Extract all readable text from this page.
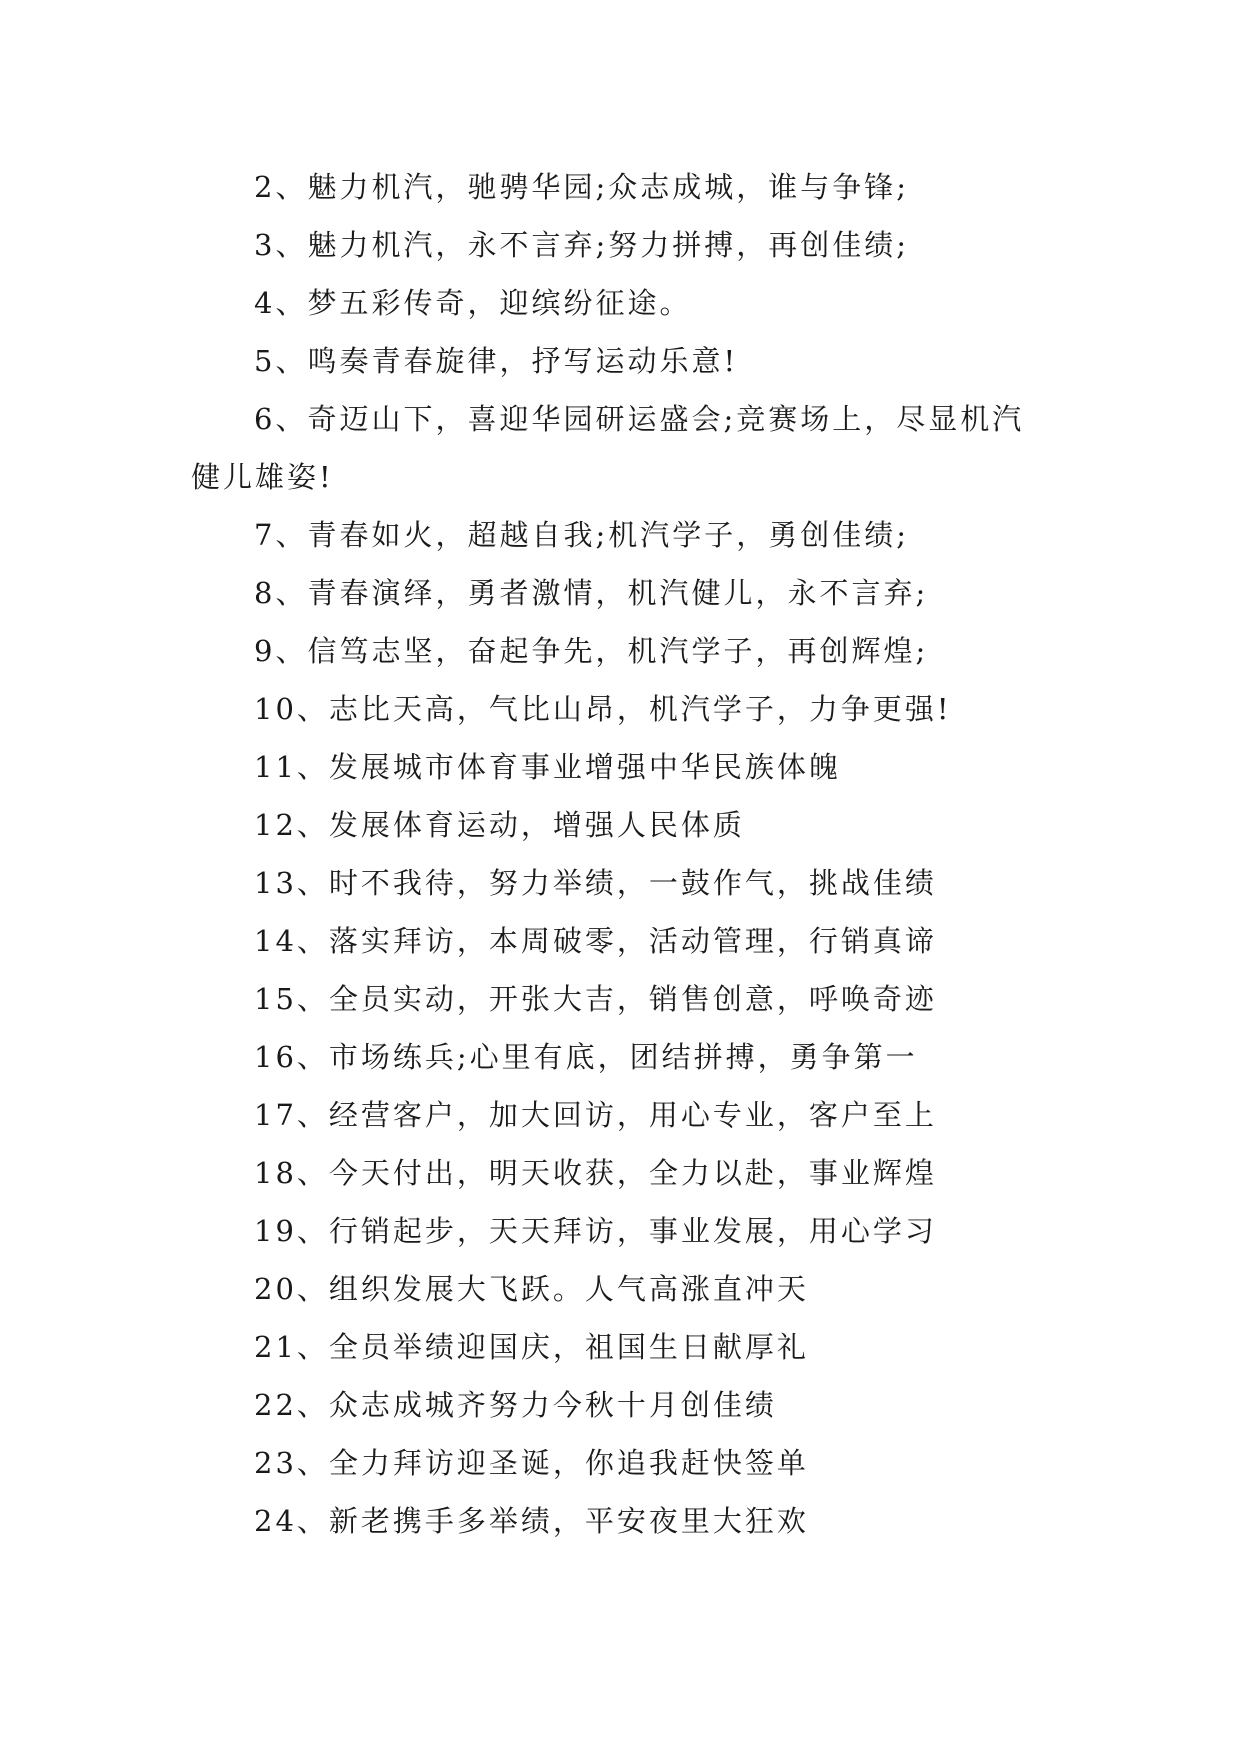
2、魅力机汽，驰骋华园;众志成城，谁与争锋;
3、魅力机汽，永不言弃;努力拼搏，再创佳绩;
4、梦五彩传奇，迎缤纷征途。
5、鸣奏青春旋律，抒写运动乐意!
6、奇迈山下，喜迎华园研运盛会;竞赛场上，尽显机汽
健儿雄姿!
7、青春如火，超越自我;机汽学子，勇创佳绩;
8、青春演绎，勇者激情，机汽健儿，永不言弃;
9、信笃志坚，奋起争先，机汽学子，再创辉煌;
10、志比天高，气比山昂，机汽学子，力争更强!
11、发展城市体育事业增强中华民族体魄
12、发展体育运动，增强人民体质
13、时不我待，努力举绩，一鼓作气，挑战佳绩
14、落实拜访，本周破零，活动管理，行销真谛
15、全员实动，开张大吉，销售创意，呼唤奇迹
16、市场练兵;心里有底，团结拼搏，勇争第一
17、经营客户，加大回访，用心专业，客户至上
18、今天付出，明天收获，全力以赴，事业辉煌
19、行销起步，天天拜访，事业发展，用心学习
20、组织发展大飞跃。人气高涨直冲天
21、全员举绩迎国庆，祖国生日献厚礼
22、众志成城齐努力今秋十月创佳绩
23、全力拜访迎圣诞，你追我赶快签单
24、新老携手多举绩，平安夜里大狂欢
